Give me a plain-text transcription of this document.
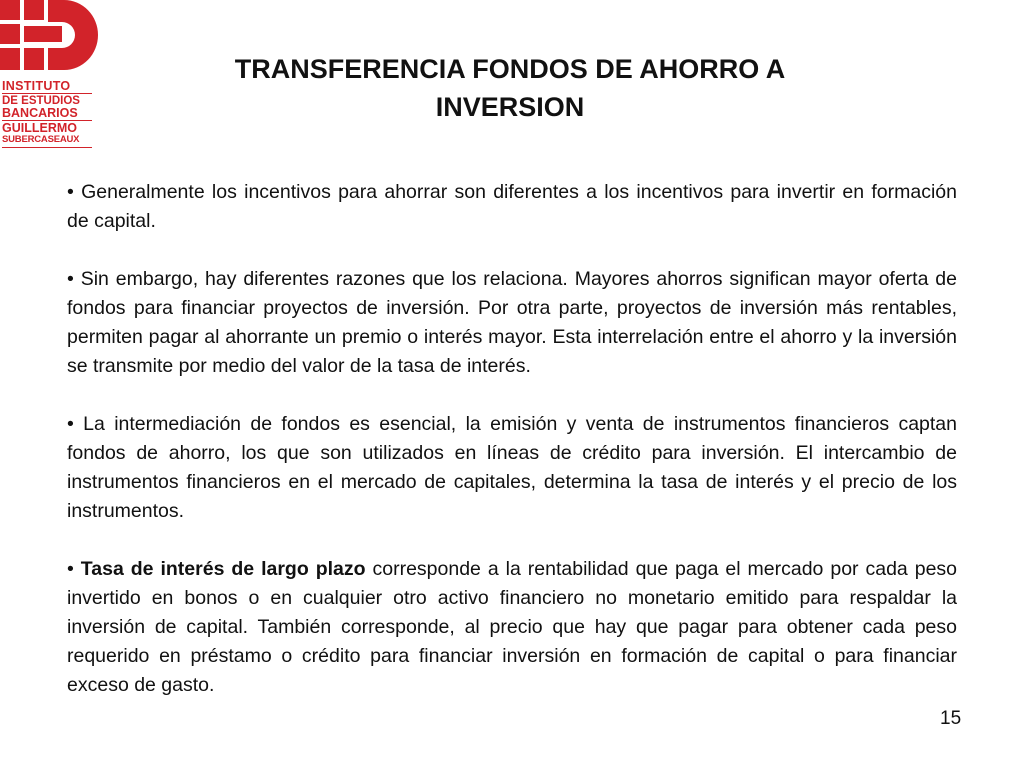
INSTITUTO
DE ESTUDIOS
BANCARIOS
GUILLERMO
SUBERCASEAUX
TRANSFERENCIA FONDOS DE AHORRO A
INVERSION

• Generalmente los incentivos para ahorrar son diferentes a los incentivos para invertir en formación de capital.

• Sin embargo, hay diferentes razones que los relaciona. Mayores ahorros significan mayor oferta de fondos para financiar proyectos de inversión. Por otra parte, proyectos de inversión más rentables, permiten pagar al ahorrante un premio o interés mayor. Esta interrelación entre el ahorro y la inversión se transmite por medio del valor de la tasa de interés.

• La intermediación de fondos es esencial, la emisión y venta de instrumentos financieros captan fondos de ahorro, los que son utilizados en líneas de crédito para inversión. El intercambio de instrumentos financieros en el mercado de capitales, determina la tasa de interés y el precio de los instrumentos.

• Tasa de interés de largo plazo corresponde a la rentabilidad que paga el mercado por cada peso invertido en bonos o en cualquier otro activo financiero no monetario emitido para respaldar la inversión de capital. También corresponde, al precio que hay que pagar para obtener cada peso requerido en préstamo o crédito para financiar inversión en formación de capital o para financiar exceso de gasto.

15
